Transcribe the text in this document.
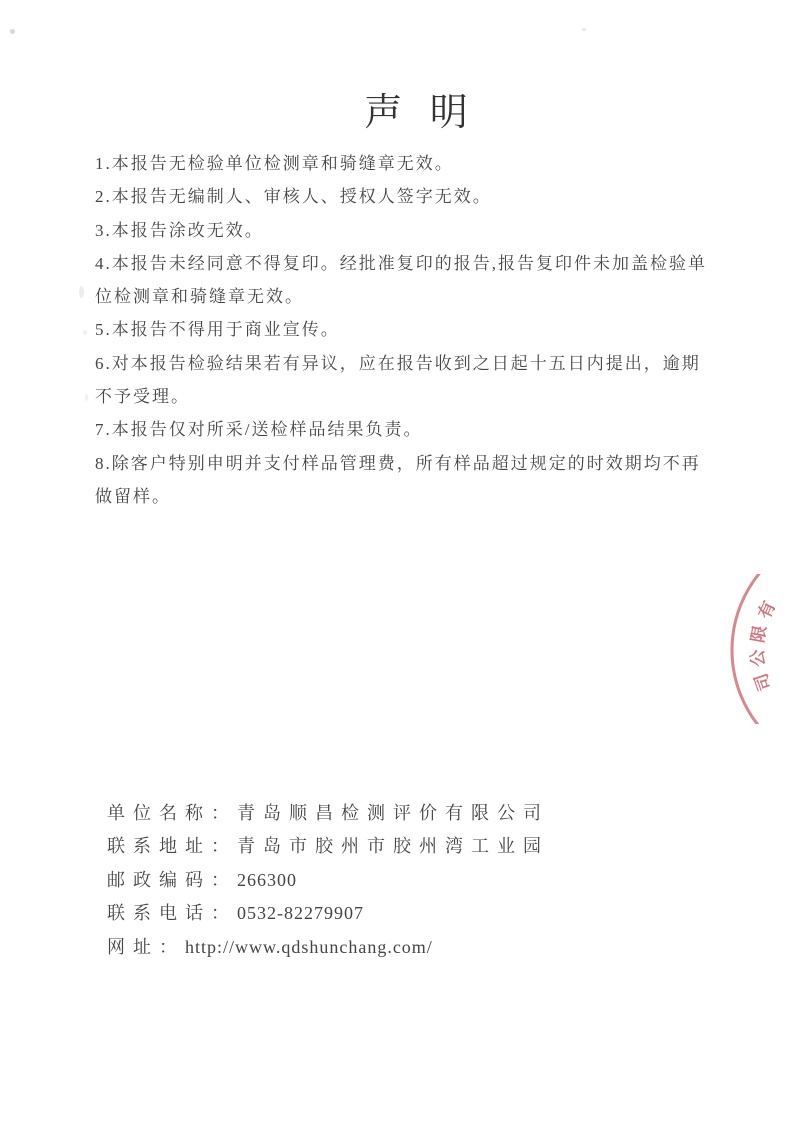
声 明
1.本报告无检验单位检测章和骑缝章无效。
2.本报告无编制人、审核人、授权人签字无效。
3.本报告涂改无效。
4.本报告未经同意不得复印。经批准复印的报告,报告复印件未加盖检验单
位检测章和骑缝章无效。
5.本报告不得用于商业宣传。
6.对本报告检验结果若有异议，应在报告收到之日起十五日内提出，逾期
不予受理。
7.本报告仅对所采/送检样品结果负责。
8.除客户特别申明并支付样品管理费，所有样品超过规定的时效期均不再
做留样。
单位名称：青岛顺昌检测评价有限公司
联系地址：青岛市胶州市胶州湾工业园
邮政编码：266300
联系电话：0532-82279907
网址：http://www.qdshunchang.com/
有
限
公
司
